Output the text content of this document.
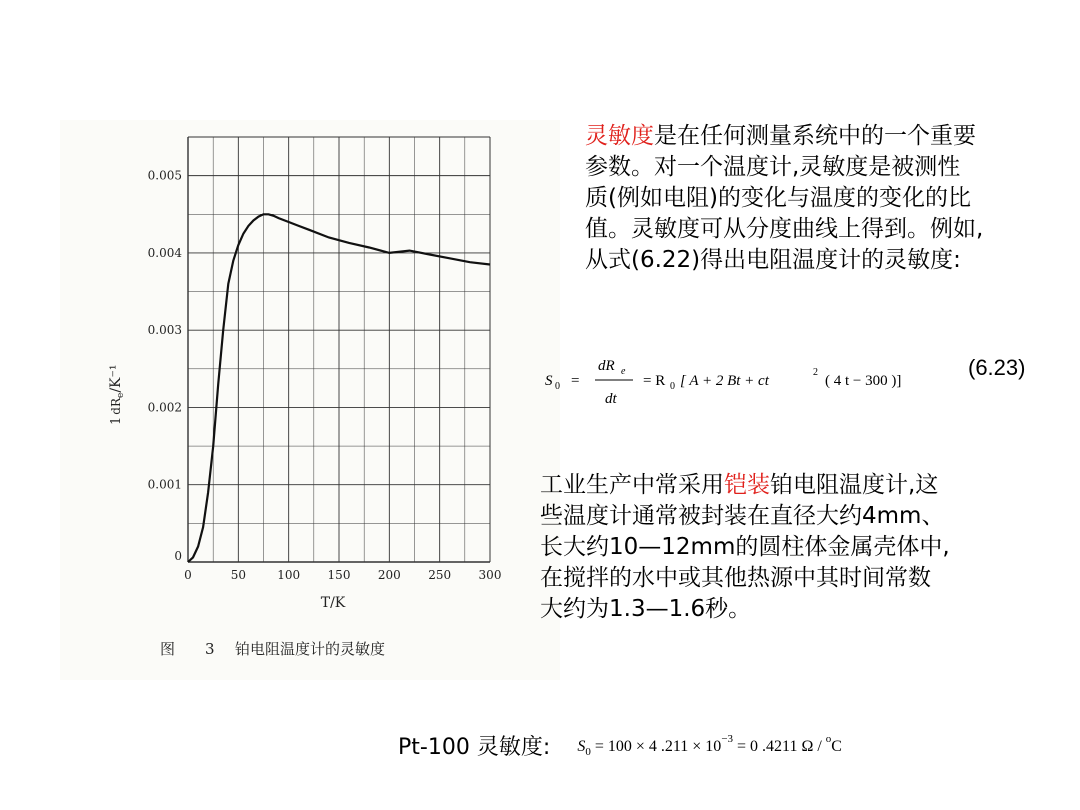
0	50	100 150 200 250 300
0.001
0.002
0.003
0.004
0.005
0
$1dR_e/K^{-1}$
T/K
图 3 铂电阻温度计的灵敏度
灵敏度是在任何测量系统中的一个重要
参数。对一个温度计,灵敏度是被测性
质(例如电阻)的变化与温度的变化的比
值。灵敏度可从分度曲线上得到。例如,
从式(6.22)得出电阻温度计的灵敏度:
S 0 =
dR e
dt
= R 0 [ A + 2 Bt + ct
2
( 4 t − 300 )]
(6.23)
工业生产中常采用铠装铂电阻温度计,这
些温度计通常被封装在直径大约4mm、
长大约10—12mm的圆柱体金属壳体中,
在搅拌的水中或其他热源中其时间常数
大约为1.3—1.6秒。
Pt-100 灵敏度: $S_0 = 100 \times 4$ $.211 \times 10^{-3} = 0$ .4211 Ω / $^o$C
